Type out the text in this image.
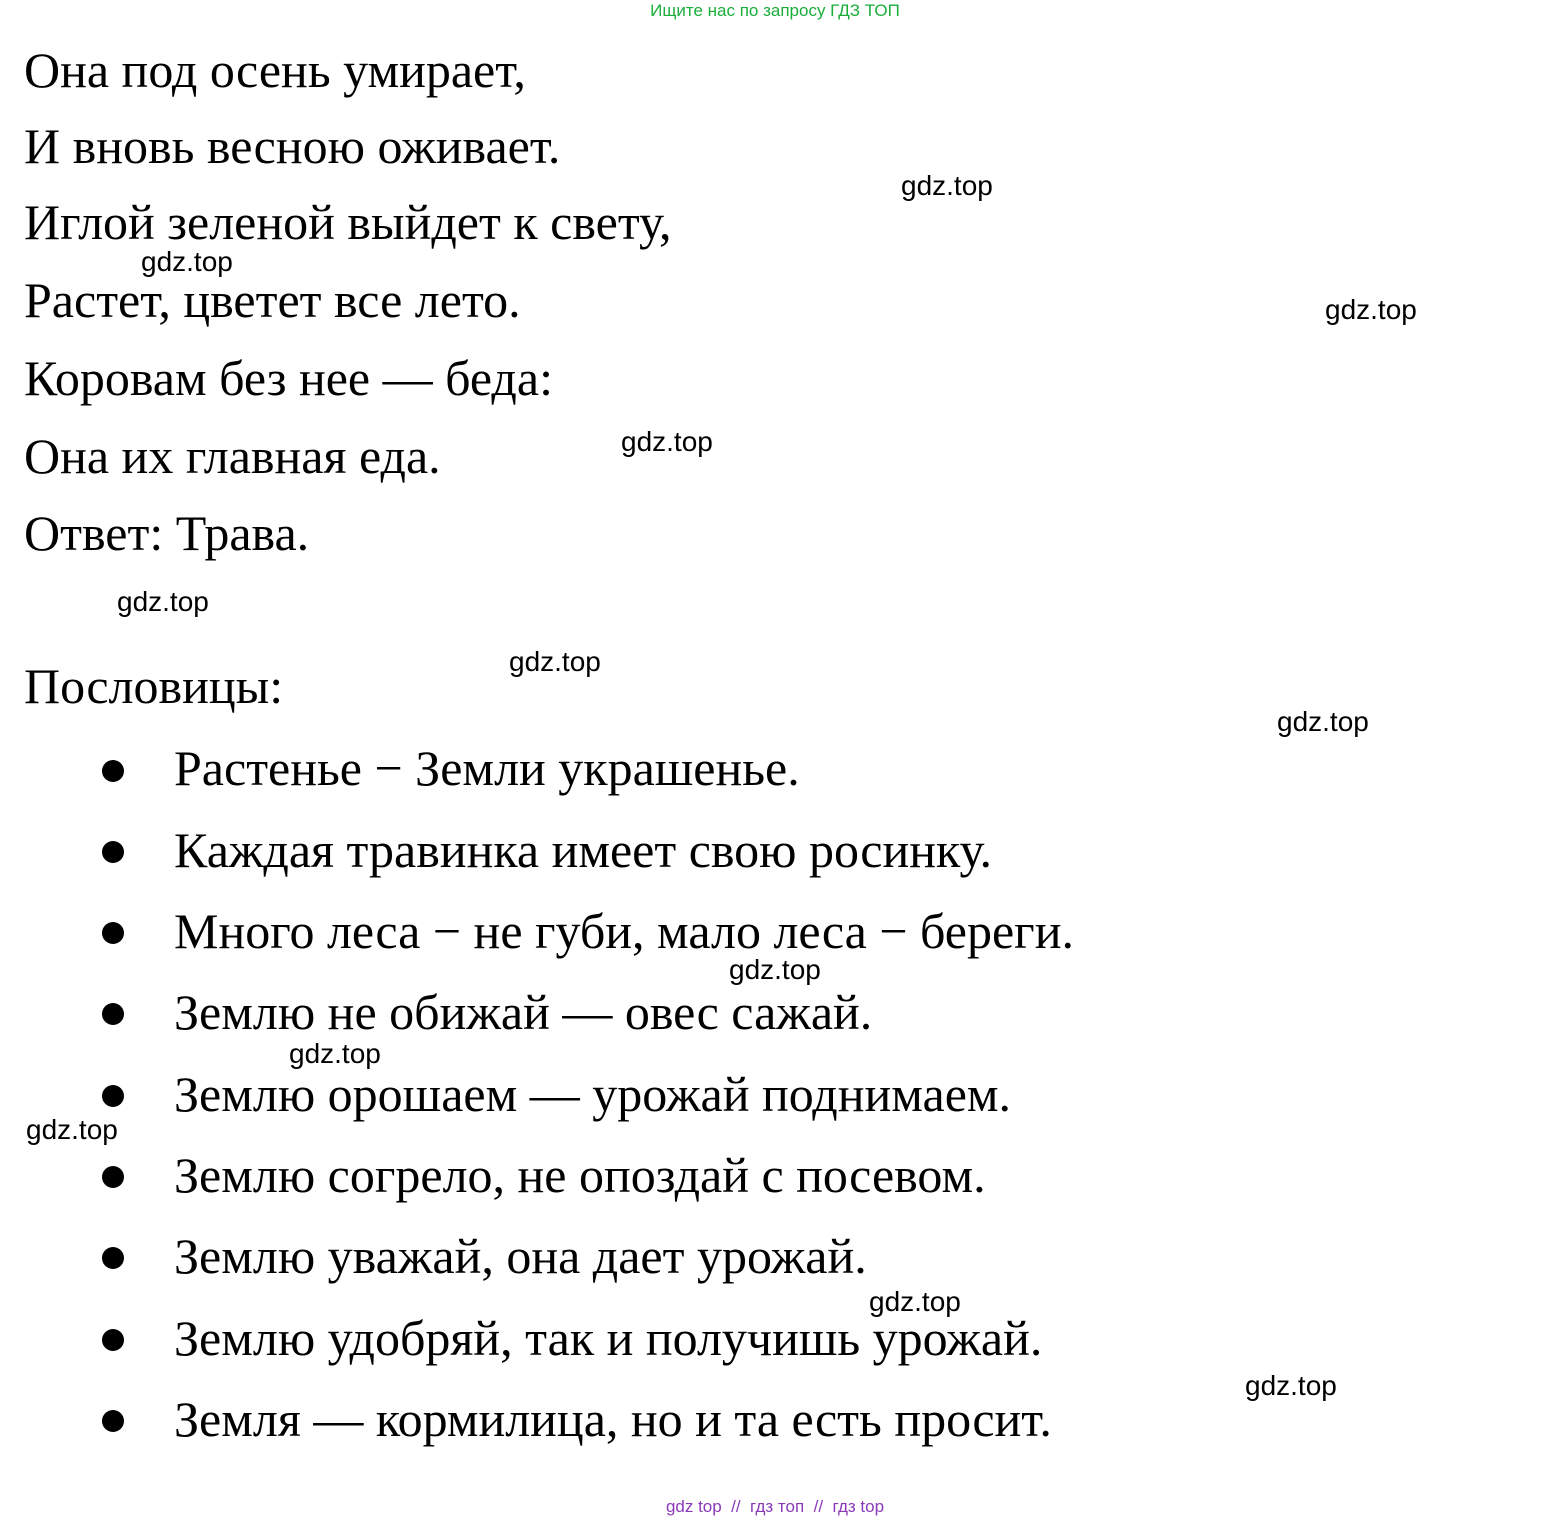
Ищите нас по запросу ГДЗ ТОП
Она под осень умирает,
И вновь весною оживает.
Иглой зеленой выйдет к свету,
Растет, цветет все лето.
Коровам без нее — беда:
Она их главная еда.
Ответ: Трава.
Пословицы:
Растенье − Земли украшенье.
Каждая травинка имеет свою росинку.
Много леса − не губи, мало леса − береги.
Землю не обижай — овес сажай.
Землю орошаем — урожай поднимаем.
Землю согрело, не опоздай с посевом.
Землю уважай, она дает урожай.
Землю удобряй, так и получишь урожай.
Земля — кормилица, но и та есть просит.
gdz.top
gdz.top
gdz.top
gdz.top
gdz.top
gdz.top
gdz.top
gdz.top
gdz.top
gdz.top
gdz.top
gdz.top
gdz top  //  гдз топ  //  гдз top
